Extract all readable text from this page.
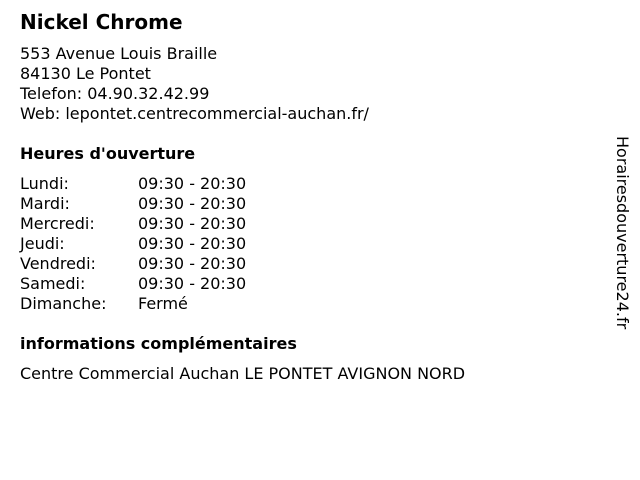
Nickel Chrome
553 Avenue Louis Braille
84130 Le Pontet
Telefon: 04.90.32.42.99
Web: lepontet.centrecommercial-auchan.fr/
Heures d'ouverture
Lundi:	09:30 - 20:30
Mardi:	09:30 - 20:30
Mercredi:	09:30 - 20:30
Jeudi:	09:30 - 20:30
Vendredi:	09:30 - 20:30
Samedi:	09:30 - 20:30
Dimanche:	Fermé
informations complémentaires
Centre Commercial Auchan LE PONTET AVIGNON NORD
Horairesdouverture24.fr
